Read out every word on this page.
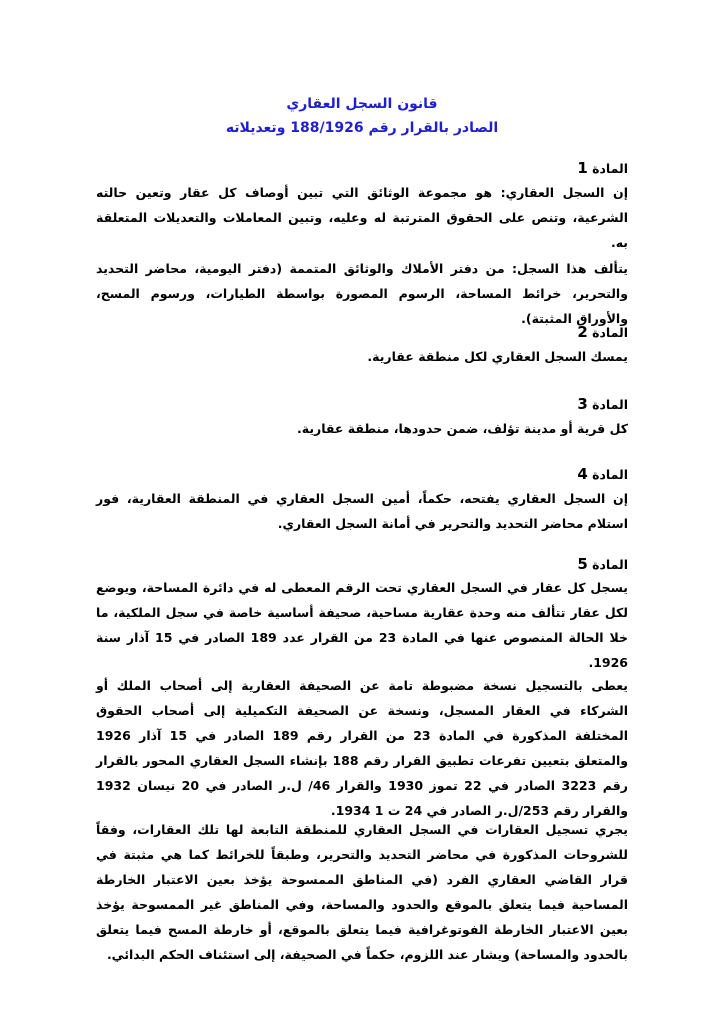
قانون السجل العقاري
الصادر بالقرار رقم 188/1926 وتعديلاته
المادة 1
إن السجل العقاري: هو مجموعة الوثائق التي تبين أوصاف كل عقار وتعين حالته الشرعية، وتنص على الحقوق المترتبة له وعليه، وتبين المعاملات والتعديلات المتعلقة به.
يتألف هذا السجل: من دفتر الأملاك والوثائق المتممة (دفتر اليومية، محاضر التحديد والتحرير، خرائط المساحة، الرسوم المصورة بواسطة الطيارات، ورسوم المسح، والأوراق المثبتة).
المادة 2
يمسك السجل العقاري لكل منطقة عقارية.
المادة 3
كل قرية أو مدينة تؤلف، ضمن حدودها، منطقة عقارية.
المادة 4
إن السجل العقاري يفتحه، حكماً، أمين السجل العقاري في المنطقة العقارية، فور استلام محاضر التحديد والتحرير في أمانة السجل العقاري.
المادة 5
يسجل كل عقار في السجل العقاري تحت الرقم المعطى له في دائرة المساحة، ويوضع لكل عقار تتألف منه وحدة عقارية مساحية، صحيفة أساسية خاصة في سجل الملكية، ما خلا الحالة المنصوص عنها في المادة 23 من القرار عدد 189 الصادر في 15 آذار سنة 1926.
يعطى بالتسجيل نسخة مضبوطة تامة عن الصحيفة العقارية إلى أصحاب الملك أو الشركاء في العقار المسجل، ونسخة عن الصحيفة التكميلية إلى أصحاب الحقوق المختلفة المذكورة في المادة 23 من القرار رقم 189 الصادر في 15 آذار 1926 والمتعلق بتعيين تفرعات تطبيق القرار رقم 188 بإنشاء السجل العقاري المحور بالقرار رقم 3223 الصادر في 22 تموز 1930 والقرار 46/ ل.ر الصادر في 20 نيسان 1932 والقرار رقم 253/ل.ر الصادر في 24 ت 1 1934.
يجري تسجيل العقارات في السجل العقاري للمنطقة التابعة لها تلك العقارات، وفقاً للشروحات المذكورة في محاضر التحديد والتحرير، وطبقاً للخرائط كما هي مثبتة في قرار القاضي العقاري الفرد (في المناطق الممسوحة يؤخذ بعين الاعتبار الخارطة المساحية فيما يتعلق بالموقع والحدود والمساحة، وفي المناطق غير الممسوحة يؤخذ بعين الاعتبار الخارطة الفوتوغرافية فيما يتعلق بالموقع، أو خارطة المسح فيما يتعلق بالحدود والمساحة) ويشار عند اللزوم، حكماً في الصحيفة، إلى استئناف الحكم البدائي.
